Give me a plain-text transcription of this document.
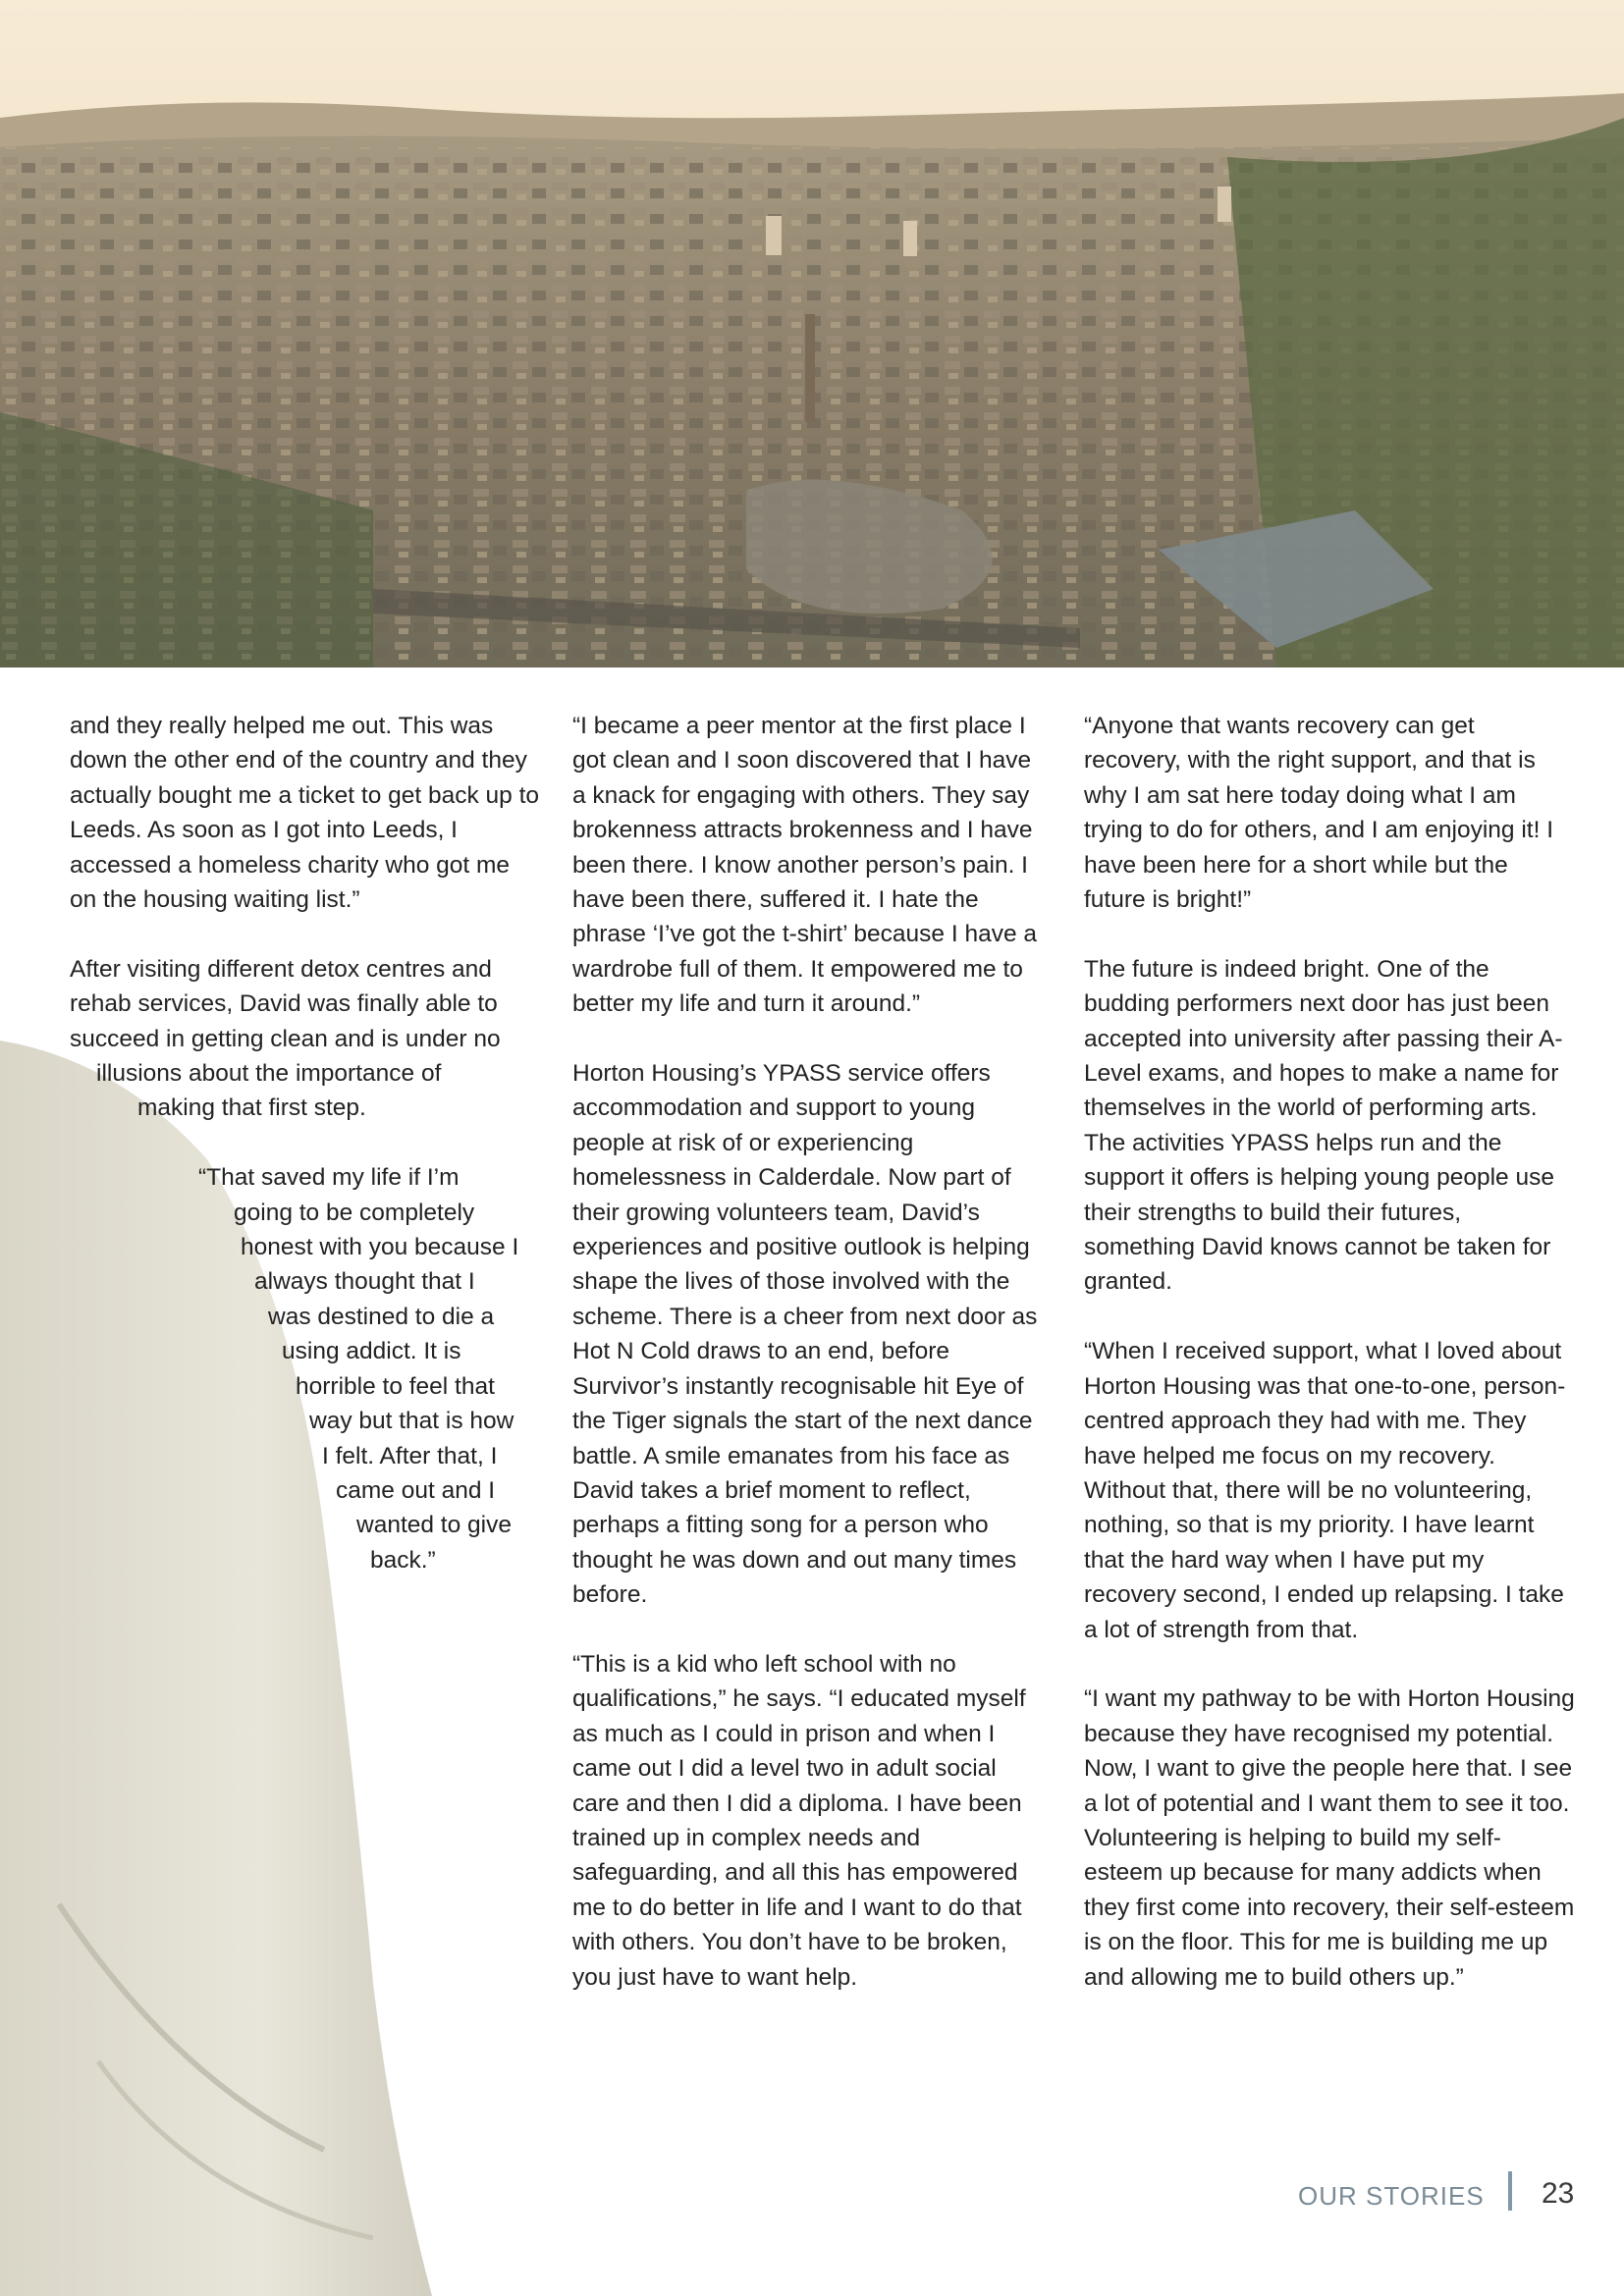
and they really helped me out. This was down the other end of the country and they actually bought me a ticket to get back up to Leeds. As soon as I got into Leeds, I accessed a homeless charity who got me on the housing waiting list.”

After visiting different detox centres and
rehab services, David was finally able to
succeed in getting clean and is under no
illusions about the importance of
making that first step.

“That saved my life if I’m
going to be completely
honest with you because I
always thought that I
was destined to die a
using addict. It is
horrible to feel that
way but that is how
I felt. After that, I
came out and I
wanted to give
back.”

“I became a peer mentor at the first place I got clean and I soon discovered that I have a knack for engaging with others. They say brokenness attracts brokenness and I have been there. I know another person’s pain. I have been there, suffered it. I hate the phrase ‘I’ve got the t-shirt’ because I have a wardrobe full of them. It empowered me to better my life and turn it around.”

Horton Housing’s YPASS service offers accommodation and support to young people at risk of or experiencing homelessness in Calderdale. Now part of their growing volunteers team, David’s experiences and positive outlook is helping shape the lives of those involved with the scheme. There is a cheer from next door as Hot N Cold draws to an end, before Survivor’s instantly recognisable hit Eye of the Tiger signals the start of the next dance battle. A smile emanates from his face as David takes a brief moment to reflect, perhaps a fitting song for a person who thought he was down and out many times before.

“This is a kid who left school with no qualifications,” he says. “I educated myself as much as I could in prison and when I came out I did a level two in adult social care and then I did a diploma. I have been trained up in complex needs and safeguarding, and all this has empowered me to do better in life and I want to do that with others. You don’t have to be broken, you just have to want help.

“Anyone that wants recovery can get recovery, with the right support, and that is why I am sat here today doing what I am trying to do for others, and I am enjoying it! I have been here for a short while but the future is bright!”

The future is indeed bright. One of the budding performers next door has just been accepted into university after passing their A-Level exams, and hopes to make a name for themselves in the world of performing arts. The activities YPASS helps run and the support it offers is helping young people use their strengths to build their futures, something David knows cannot be taken for granted.

“When I received support, what I loved about Horton Housing was that one-to-one, person-centred approach they had with me. They have helped me focus on my recovery. Without that, there will be no volunteering, nothing, so that is my priority. I have learnt that the hard way when I have put my recovery second, I ended up relapsing. I take a lot of strength from that.

“I want my pathway to be with Horton Housing because they have recognised my potential. Now, I want to give the people here that. I see a lot of potential and I want them to see it too. Volunteering is helping to build my self-esteem up because for many addicts when they first come into recovery, their self-esteem is on the floor. This for me is building me up and allowing me to build others up.”

OUR STORIES 23
